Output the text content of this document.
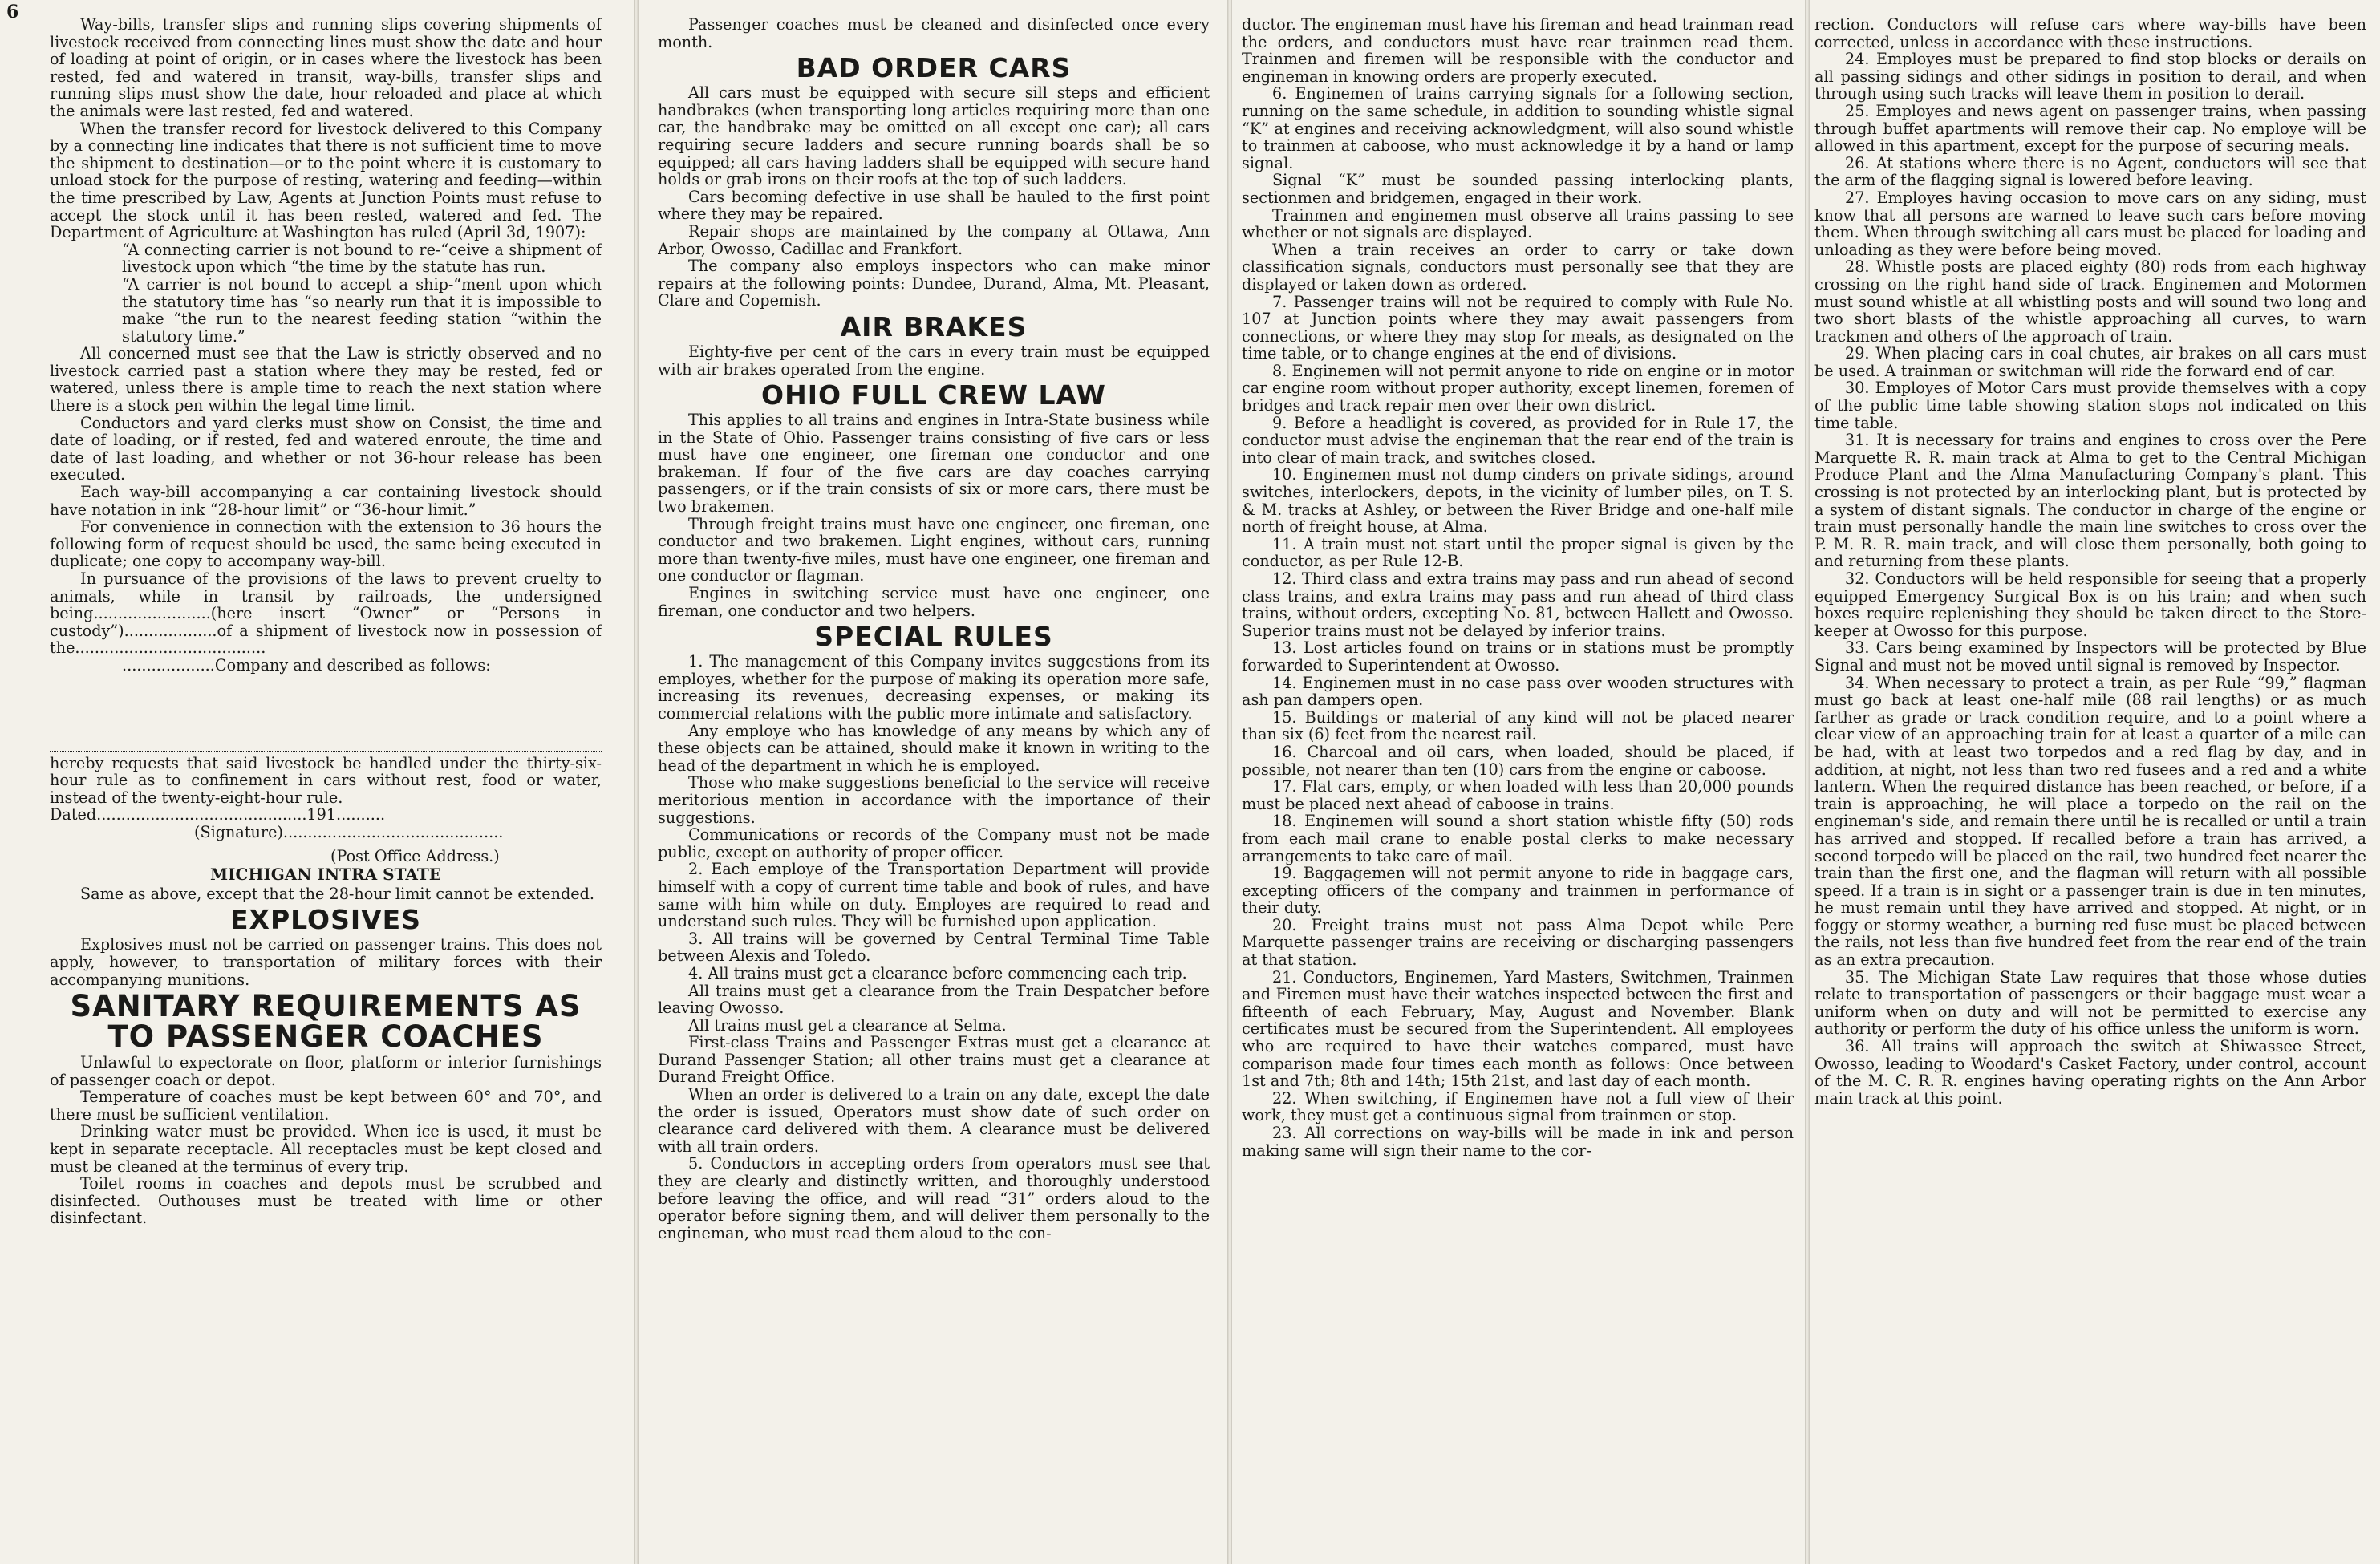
6

Way-bills, transfer slips and running slips covering shipments of livestock received from connecting lines must show the date and hour of loading at point of origin, or in cases where the livestock has been rested, fed and watered in transit, way-bills, transfer slips and running slips must show the date, hour reloaded and place at which the animals were last rested, fed and watered.

When the transfer record for livestock delivered to this Company by a connecting line indicates that there is not sufficient time to move the shipment to destination—or to the point where it is customary to unload stock for the purpose of resting, watering and feeding—within the time prescribed by Law, Agents at Junction Points must refuse to accept the stock until it has been rested, watered and fed. The Department of Agriculture at Washington has ruled (April 3d, 1907):

“A connecting carrier is not bound to re-“ceive a shipment of livestock upon which “the time by the statute has run.

“A carrier is not bound to accept a ship-“ment upon which the statutory time has “so nearly run that it is impossible to make “the run to the nearest feeding station “within the statutory time.”

All concerned must see that the Law is strictly observed and no livestock carried past a station where they may be rested, fed or watered, unless there is ample time to reach the next station where there is a stock pen within the legal time limit.

Conductors and yard clerks must show on Consist, the time and date of loading, or if rested, fed and watered enroute, the time and date of last loading, and whether or not 36-hour release has been executed.

Each way-bill accompanying a car containing livestock should have notation in ink “28-hour limit” or “36-hour limit.”

For convenience in connection with the extension to 36 hours the following form of request should be used, the same being executed in duplicate; one copy to accompany way-bill.

In pursuance of the provisions of the laws to prevent cruelty to animals, while in transit by railroads, the undersigned being........................(here insert “Owner” or “Persons in custody”)...................of a shipment of livestock now in possession of the.......................................

...................Company and described as follows:

hereby requests that said livestock be handled under the thirty-six-hour rule as to confinement in cars without rest, food or water, instead of the twenty-eight-hour rule.

Dated...........................................191..........

(Signature).............................................

(Post Office Address.)

MICHIGAN INTRA STATE

Same as above, except that the 28-hour limit cannot be extended.

EXPLOSIVES

Explosives must not be carried on passenger trains. This does not apply, however, to transportation of military forces with their accompanying munitions.

SANITARY REQUIREMENTS AS TO PASSENGER COACHES

Unlawful to expectorate on floor, platform or interior furnishings of passenger coach or depot.

Temperature of coaches must be kept between 60° and 70°, and there must be sufficient ventilation.

Drinking water must be provided. When ice is used, it must be kept in separate receptacle. All receptacles must be kept closed and must be cleaned at the terminus of every trip.

Toilet rooms in coaches and depots must be scrubbed and disinfected. Outhouses must be treated with lime or other disinfectant.

Passenger coaches must be cleaned and disinfected once every month.

BAD ORDER CARS

All cars must be equipped with secure sill steps and efficient handbrakes (when transporting long articles requiring more than one car, the handbrake may be omitted on all except one car); all cars requiring secure ladders and secure running boards shall be so equipped; all cars having ladders shall be equipped with secure hand holds or grab irons on their roofs at the top of such ladders.

Cars becoming defective in use shall be hauled to the first point where they may be repaired.

Repair shops are maintained by the company at Ottawa, Ann Arbor, Owosso, Cadillac and Frankfort.

The company also employs inspectors who can make minor repairs at the following points: Dundee, Durand, Alma, Mt. Pleasant, Clare and Copemish.

AIR BRAKES

Eighty-five per cent of the cars in every train must be equipped with air brakes operated from the engine.

OHIO FULL CREW LAW

This applies to all trains and engines in Intra-State business while in the State of Ohio. Passenger trains consisting of five cars or less must have one engineer, one fireman one conductor and one brakeman. If four of the five cars are day coaches carrying passengers, or if the train consists of six or more cars, there must be two brakemen.

Through freight trains must have one engineer, one fireman, one conductor and two brakemen. Light engines, without cars, running more than twenty-five miles, must have one engineer, one fireman and one conductor or flagman.

Engines in switching service must have one engineer, one fireman, one conductor and two helpers.

SPECIAL RULES

1. The management of this Company invites suggestions from its employes, whether for the purpose of making its operation more safe, increasing its revenues, decreasing expenses, or making its commercial relations with the public more intimate and satisfactory.

Any employe who has knowledge of any means by which any of these objects can be attained, should make it known in writing to the head of the department in which he is employed.

Those who make suggestions beneficial to the service will receive meritorious mention in accordance with the importance of their suggestions.

Communications or records of the Company must not be made public, except on authority of proper officer.

2. Each employe of the Transportation Department will provide himself with a copy of current time table and book of rules, and have same with him while on duty. Employes are required to read and understand such rules. They will be furnished upon application.

3. All trains will be governed by Central Terminal Time Table between Alexis and Toledo.

4. All trains must get a clearance before commencing each trip.

All trains must get a clearance from the Train Despatcher before leaving Owosso.

All trains must get a clearance at Selma.

First-class Trains and Passenger Extras must get a clearance at Durand Passenger Station; all other trains must get a clearance at Durand Freight Office.

When an order is delivered to a train on any date, except the date the order is issued, Operators must show date of such order on clearance card delivered with them. A clearance must be delivered with all train orders.

5. Conductors in accepting orders from operators must see that they are clearly and distinctly written, and thoroughly understood before leaving the office, and will read “31” orders aloud to the operator before signing them, and will deliver them personally to the engineman, who must read them aloud to the con-

ductor. The engineman must have his fireman and head trainman read the orders, and conductors must have rear trainmen read them. Trainmen and firemen will be responsible with the conductor and engineman in knowing orders are properly executed.

6. Enginemen of trains carrying signals for a following section, running on the same schedule, in addition to sounding whistle signal “K” at engines and receiving acknowledgment, will also sound whistle to trainmen at caboose, who must acknowledge it by a hand or lamp signal.

Signal “K” must be sounded passing interlocking plants, sectionmen and bridgemen, engaged in their work.

Trainmen and enginemen must observe all trains passing to see whether or not signals are displayed.

When a train receives an order to carry or take down classification signals, conductors must personally see that they are displayed or taken down as ordered.

7. Passenger trains will not be required to comply with Rule No. 107 at Junction points where they may await passengers from connections, or where they may stop for meals, as designated on the time table, or to change engines at the end of divisions.

8. Enginemen will not permit anyone to ride on engine or in motor car engine room without proper authority, except linemen, foremen of bridges and track repair men over their own district.

9. Before a headlight is covered, as provided for in Rule 17, the conductor must advise the engineman that the rear end of the train is into clear of main track, and switches closed.

10. Enginemen must not dump cinders on private sidings, around switches, interlockers, depots, in the vicinity of lumber piles, on T. S. & M. tracks at Ashley, or between the River Bridge and one-half mile north of freight house, at Alma.

11. A train must not start until the proper signal is given by the conductor, as per Rule 12-B.

12. Third class and extra trains may pass and run ahead of second class trains, and extra trains may pass and run ahead of third class trains, without orders, excepting No. 81, between Hallett and Owosso. Superior trains must not be delayed by inferior trains.

13. Lost articles found on trains or in stations must be promptly forwarded to Superintendent at Owosso.

14. Enginemen must in no case pass over wooden structures with ash pan dampers open.

15. Buildings or material of any kind will not be placed nearer than six (6) feet from the nearest rail.

16. Charcoal and oil cars, when loaded, should be placed, if possible, not nearer than ten (10) cars from the engine or caboose.

17. Flat cars, empty, or when loaded with less than 20,000 pounds must be placed next ahead of caboose in trains.

18. Enginemen will sound a short station whistle fifty (50) rods from each mail crane to enable postal clerks to make necessary arrangements to take care of mail.

19. Baggagemen will not permit anyone to ride in baggage cars, excepting officers of the company and trainmen in performance of their duty.

20. Freight trains must not pass Alma Depot while Pere Marquette passenger trains are receiving or discharging passengers at that station.

21. Conductors, Enginemen, Yard Masters, Switchmen, Trainmen and Firemen must have their watches inspected between the first and fifteenth of each February, May, August and November. Blank certificates must be secured from the Superintendent. All employees who are required to have their watches compared, must have comparison made four times each month as follows: Once between 1st and 7th; 8th and 14th; 15th 21st, and last day of each month.

22. When switching, if Enginemen have not a full view of their work, they must get a continuous signal from trainmen or stop.

23. All corrections on way-bills will be made in ink and person making same will sign their name to the cor-

rection. Conductors will refuse cars where way-bills have been corrected, unless in accordance with these instructions.

24. Employes must be prepared to find stop blocks or derails on all passing sidings and other sidings in position to derail, and when through using such tracks will leave them in position to derail.

25. Employes and news agent on passenger trains, when passing through buffet apartments will remove their cap. No employe will be allowed in this apartment, except for the purpose of securing meals.

26. At stations where there is no Agent, conductors will see that the arm of the flagging signal is lowered before leaving.

27. Employes having occasion to move cars on any siding, must know that all persons are warned to leave such cars before moving them. When through switching all cars must be placed for loading and unloading as they were before being moved.

28. Whistle posts are placed eighty (80) rods from each highway crossing on the right hand side of track. Enginemen and Motormen must sound whistle at all whistling posts and will sound two long and two short blasts of the whistle approaching all curves, to warn trackmen and others of the approach of train.

29. When placing cars in coal chutes, air brakes on all cars must be used. A trainman or switchman will ride the forward end of car.

30. Employes of Motor Cars must provide themselves with a copy of the public time table showing station stops not indicated on this time table.

31. It is necessary for trains and engines to cross over the Pere Marquette R. R. main track at Alma to get to the Central Michigan Produce Plant and the Alma Manufacturing Company's plant. This crossing is not protected by an interlocking plant, but is protected by a system of distant signals. The conductor in charge of the engine or train must personally handle the main line switches to cross over the P. M. R. R. main track, and will close them personally, both going to and returning from these plants.

32. Conductors will be held responsible for seeing that a properly equipped Emergency Surgical Box is on his train; and when such boxes require replenishing they should be taken direct to the Store-keeper at Owosso for this purpose.

33. Cars being examined by Inspectors will be protected by Blue Signal and must not be moved until signal is removed by Inspector.

34. When necessary to protect a train, as per Rule “99,” flagman must go back at least one-half mile (88 rail lengths) or as much farther as grade or track condition require, and to a point where a clear view of an approaching train for at least a quarter of a mile can be had, with at least two torpedos and a red flag by day, and in addition, at night, not less than two red fusees and a red and a white lantern. When the required distance has been reached, or before, if a train is approaching, he will place a torpedo on the rail on the engineman's side, and remain there until he is recalled or until a train has arrived and stopped. If recalled before a train has arrived, a second torpedo will be placed on the rail, two hundred feet nearer the train than the first one, and the flagman will return with all possible speed. If a train is in sight or a passenger train is due in ten minutes, he must remain until they have arrived and stopped. At night, or in foggy or stormy weather, a burning red fuse must be placed between the rails, not less than five hundred feet from the rear end of the train as an extra precaution.

35. The Michigan State Law requires that those whose duties relate to transportation of passengers or their baggage must wear a uniform when on duty and will not be permitted to exercise any authority or perform the duty of his office unless the uniform is worn.

36. All trains will approach the switch at Shiwassee Street, Owosso, leading to Woodard's Casket Factory, under control, account of the M. C. R. R. engines having operating rights on the Ann Arbor main track at this point.
